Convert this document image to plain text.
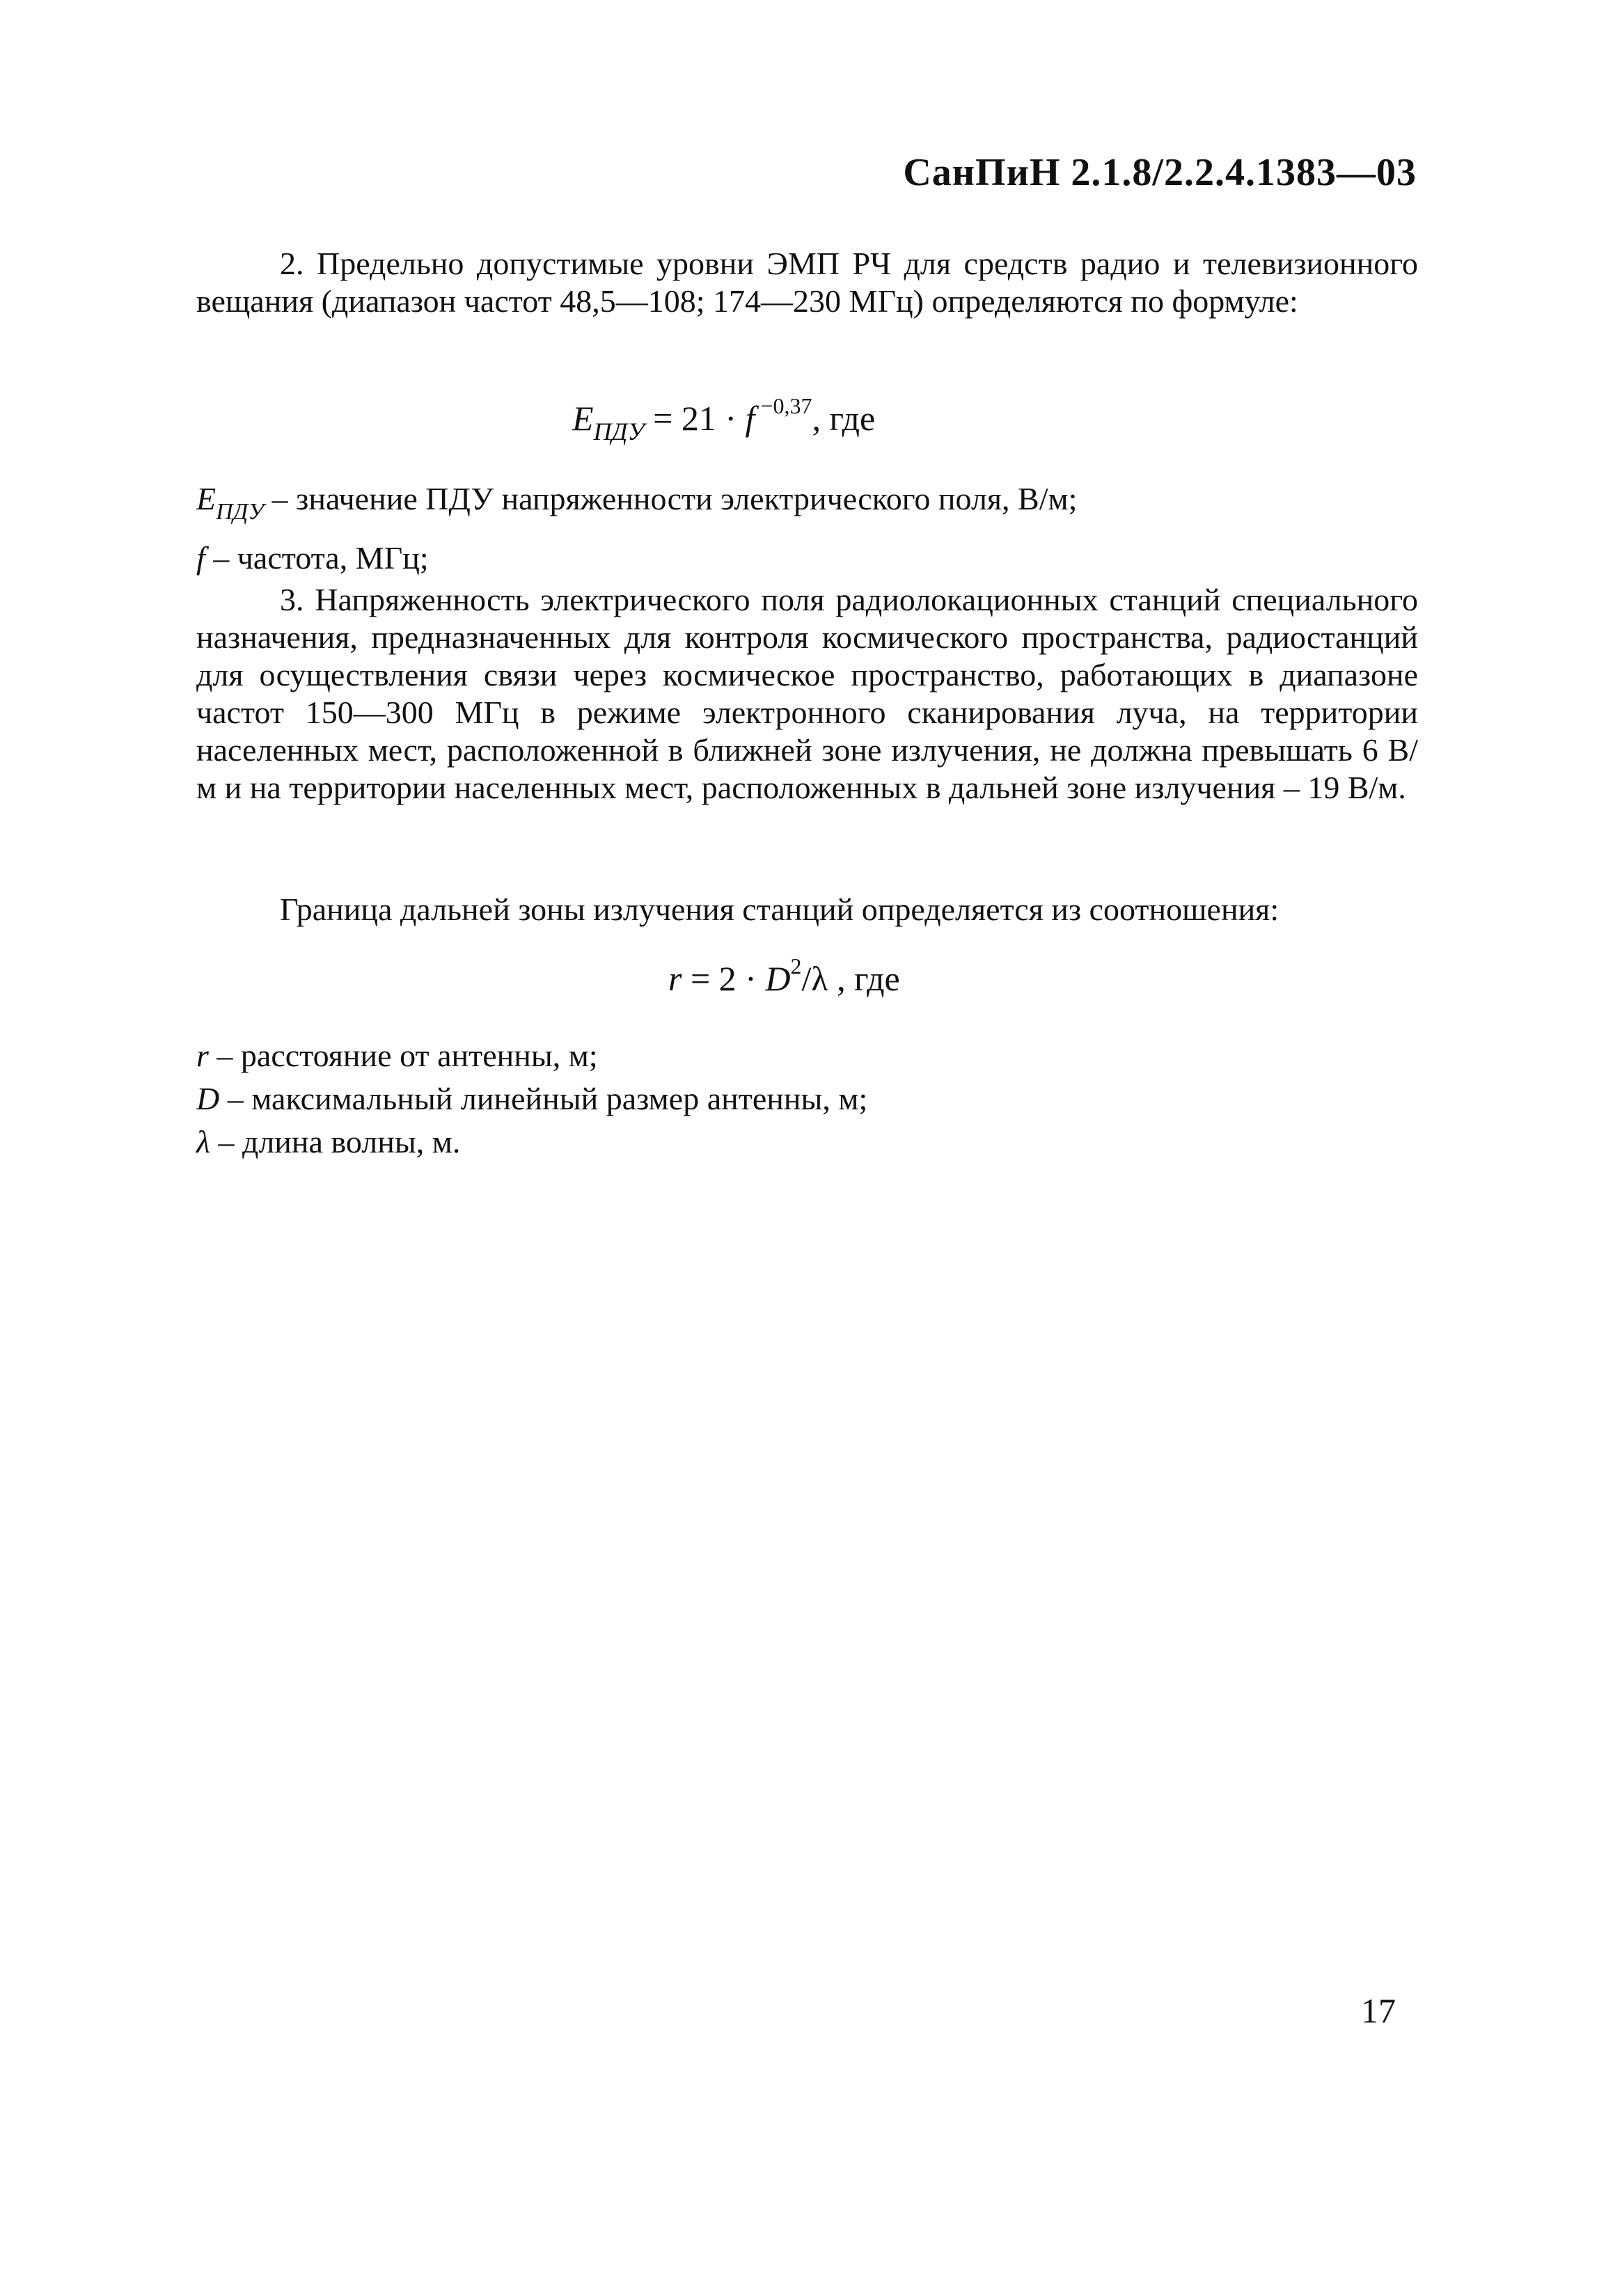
СанПиН 2.1.8/2.2.4.1383—03
2. Предельно допустимые уровни ЭМП РЧ для средств радио и телевизионного вещания (диапазон частот 48,5—108; 174—230 МГц) определяются по формуле:
$E_{ПДУ} = 21 \cdot f$ $^{-0,37}$, где
$E_{ПДУ}$ – значение ПДУ напряженности электрического поля, В/м;
f – частота, МГц;
3. Напряженность электрического поля радиолокационных станций специального назначения, предназначенных для контроля космического пространства, радиостанций для осуществления связи через космическое пространство, работающих в диапазоне частот 150—300 МГц в режиме электронного сканирования луча, на территории населенных мест, расположенной в ближней зоне излучения, не должна превышать 6 В/м и на территории населенных мест, расположенных в дальней зоне излучения – 19 В/м.
Граница дальней зоны излучения станций определяется из соотношения:
$r = 2 \cdot D^2/\lambda$ , где
r – расстояние от антенны, м;
D – максимальный линейный размер антенны, м;
λ – длина волны, м.
17
